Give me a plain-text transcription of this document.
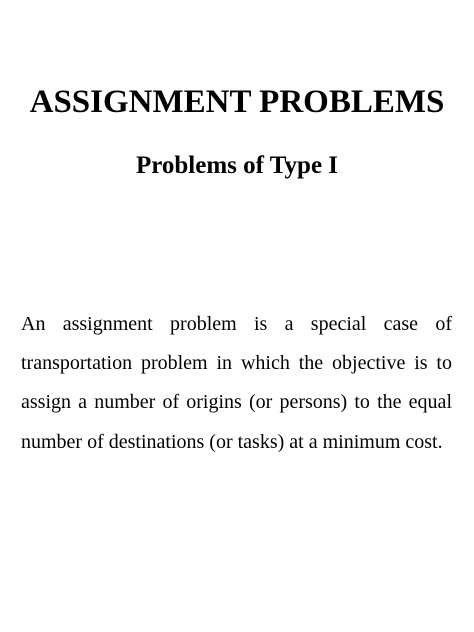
ASSIGNMENT PROBLEMS
Problems of Type I

An assignment problem is a special case of transportation problem in which the objective is to assign a number of origins (or persons) to the equal number of destinations (or tasks) at a minimum cost.
